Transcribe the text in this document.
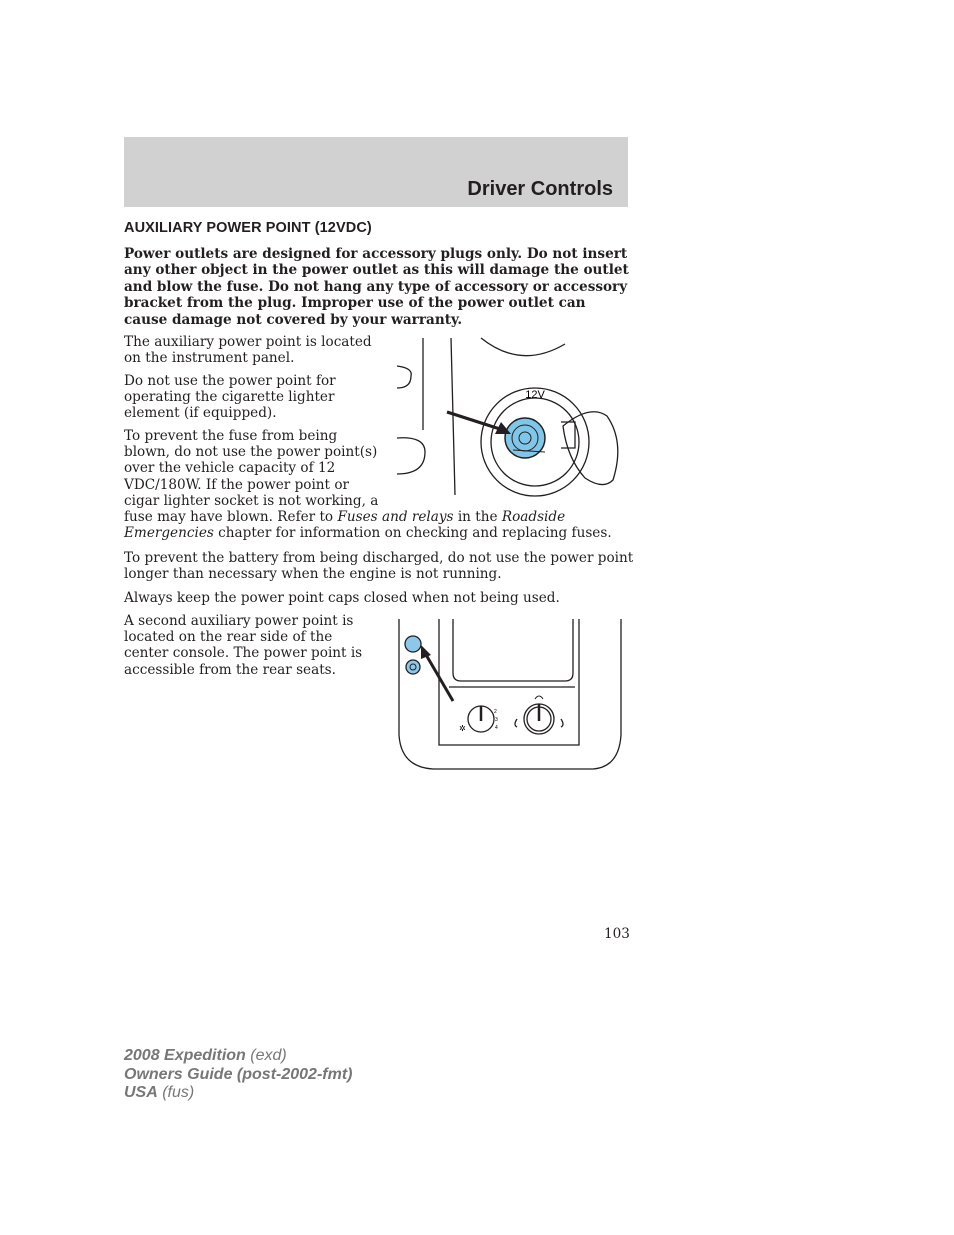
Driver Controls
AUXILIARY POWER POINT (12VDC)

Power outlets are designed for accessory plugs only. Do not insert any other object in the power outlet as this will damage the outlet and blow the fuse. Do not hang any type of accessory or accessory bracket from the plug. Improper use of the power outlet can cause damage not covered by your warranty.

The auxiliary power point is located on the instrument panel.

Do not use the power point for operating the cigarette lighter element (if equipped).

To prevent the fuse from being blown, do not use the power point(s) over the vehicle capacity of 12 VDC/180W. If the power point or cigar lighter socket is not working, a

12V

fuse may have blown. Refer to Fuses and relays in the Roadside Emergencies chapter for information on checking and replacing fuses.

To prevent the battery from being discharged, do not use the power point longer than necessary when the engine is not running.

Always keep the power point caps closed when not being used.

A second auxiliary power point is located on the rear side of the center console. The power point is accessible from the rear seats.

2
3
4
✲
103
2008 Expedition (exd)
Owners Guide (post-2002-fmt)
USA (fus)
